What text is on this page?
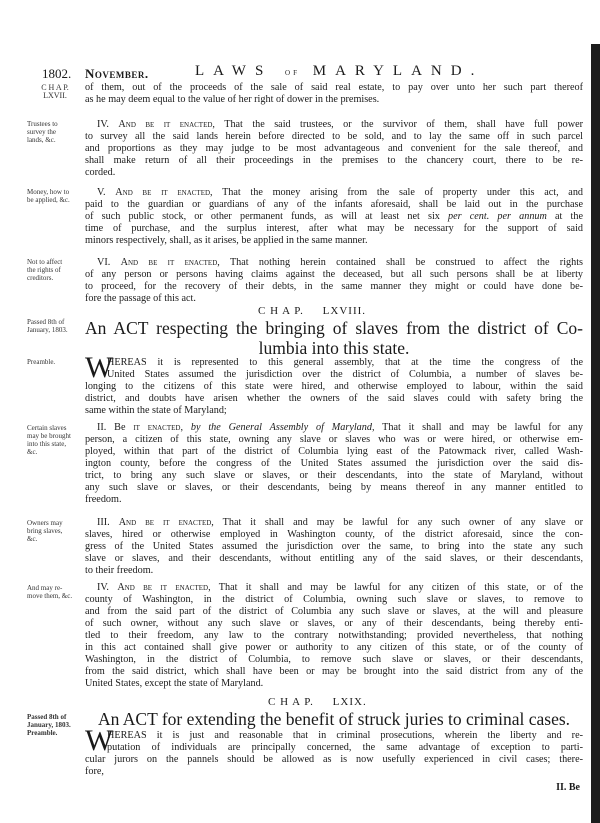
1802. November.	LAWS of MARYLAND.
C H A P.
LXVII.
Trustees to
survey the
lands, &c.
Money, how to
be applied, &c.
Not to affect
the rights of
creditors.
Passed 8th of
January, 1803.
Preamble.
Certain slaves
may be brought
into this state,
&c.
Owners may
bring slaves,
&c.
And may re-
move them, &c.
Passed 8th of
January, 1803.
Preamble.
of them, out of the proceeds of the sale of said real estate, to pay over unto her such part thereof
as he may deem equal to the value of her right of dower in the premises.
IV. And be it enacted, That the said trustees, or the survivor of them, shall have full power
to survey all the said lands herein before directed to be sold, and to lay the same off in such parcel
and proportions as they may judge to be most advantageous and convenient for the sale thereof, and
shall make return of all their proceedings in the premises to the chancery court, there to be re-
corded.
V. And be it enacted, That the money arising from the sale of property under this act, and
paid to the guardian or guardians of any of the infants aforesaid, shall be laid out in the purchase
of such public stock, or other permanent funds, as will at least net six per cent. per annum at the
time of purchase, and the surplus interest, after what may be necessary for the support of said
minors respectively, shall, as it arises, be applied in the same manner.
VI. And be it enacted, That nothing herein contained shall be construed to affect the rights
of any person or persons having claims against the deceased, but all such persons shall be at liberty
to proceed, for the recovery of their debts, in the same manner they might or could have done be-
fore the passage of this act.
C H A P. LXVIII.
An ACT respecting the bringing of slaves from the district of Co-
lumbia into this state.
W
HEREAS it is represented to this general assembly, that at the time the congress of the
United States assumed the jurisdiction over the district of Columbia, a number of slaves be-
longing to the citizens of this state were hired, and otherwise employed to labour, within the said
district, and doubts have arisen whether the owners of the said slaves could with safety bring the
same within the state of Maryland;
II. Be it enacted, by the General Assembly of Maryland, That it shall and may be lawful for any
person, a citizen of this state, owning any slave or slaves who was or were hired, or otherwise em-
ployed, within that part of the district of Columbia lying east of the Patowmack river, called Wash-
ington county, before the congress of the United States assumed the jurisdiction over the said dis-
trict, to bring any such slave or slaves, or their descendants, into the state of Maryland, without
any such slave or slaves, or their descendants, being by means thereof in any manner entitled to
freedom.
III. And be it enacted, That it shall and may be lawful for any such owner of any slave or
slaves, hired or otherwise employed in Washington county, of the district aforesaid, since the con-
gress of the United States assumed the jurisdiction over the same, to bring into the state any such
slave or slaves, and their descendants, without entitling any of the said slaves, or their descendants,
to their freedom.
IV. And be it enacted, That it shall and may be lawful for any citizen of this state, or of the
county of Washington, in the district of Columbia, owning such slave or slaves, to remove to
and from the said part of the district of Columbia any such slave or slaves, at the will and pleasure
of such owner, without any such slave or slaves, or any of their descendants, being thereby enti-
tled to their freedom, any law to the contrary notwithstanding; provided nevertheless, that nothing
in this act contained shall give power or authority to any citizen of this state, or of the county of
Washington, in the district of Columbia, to remove such slave or slaves, or their descendants,
from the said district, which shall have been or may be brought into the said district from any of the
United States, except the state of Maryland.
C H A P. LXIX.
An ACT for extending the benefit of struck juries to criminal cases.
W
HEREAS it is just and reasonable that in criminal prosecutions, wherein the liberty and re-
putation of individuals are principally concerned, the same advantage of exception to parti-
cular jurors on the pannels should be allowed as is now usefully experienced in civil cases; there-
fore,
II. Be
